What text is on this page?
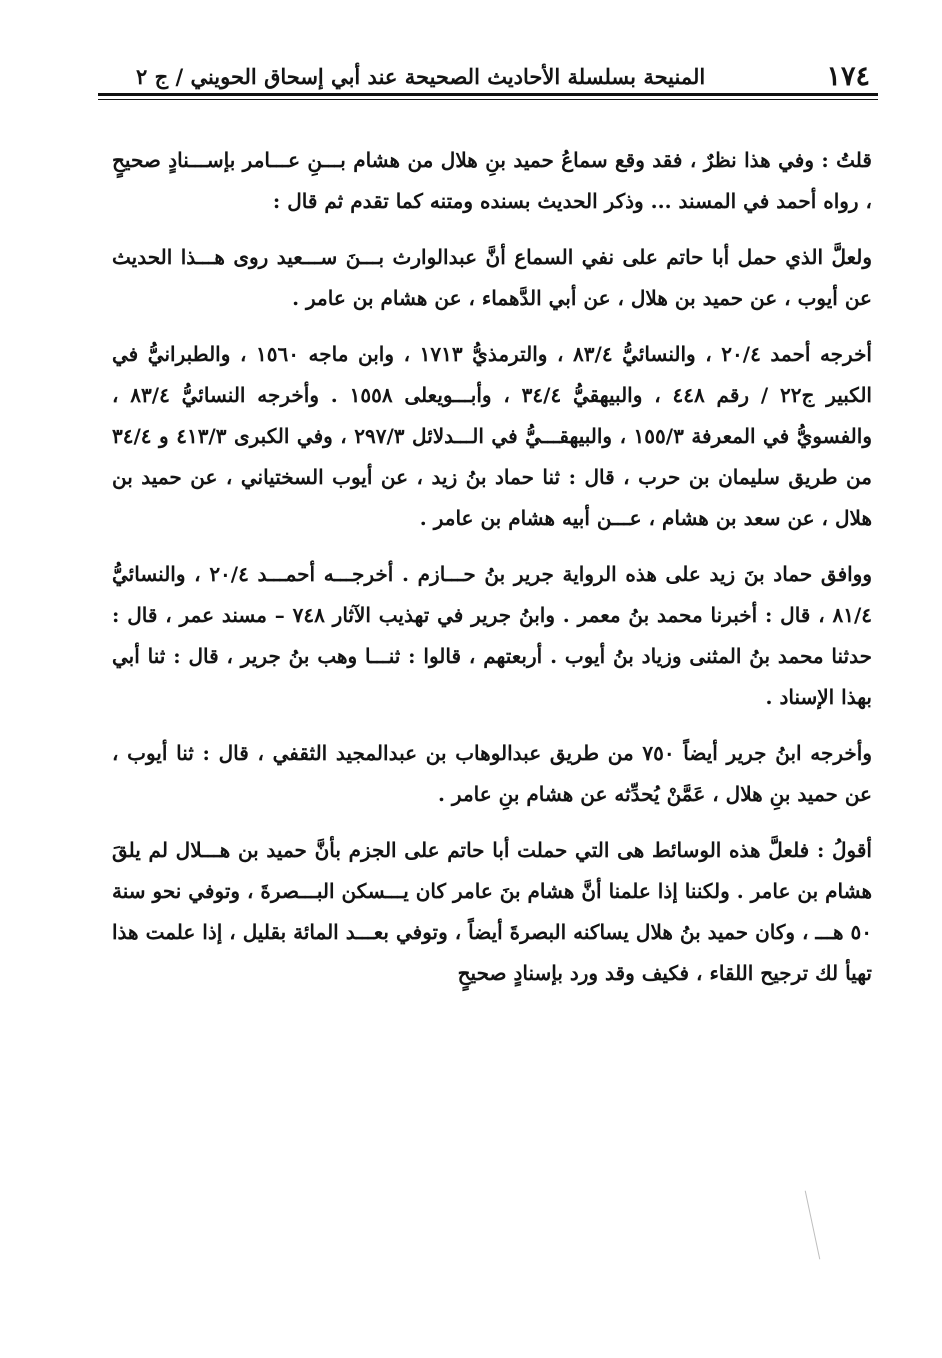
١٧٤
المنيحة بسلسلة الأحاديث الصحيحة عند أبي إسحاق الحويني / ج ٢

قلتُ : وفي هذا نظرٌ ، فقد وقع سماعُ حميد بنِ هلال من هشام بـــنِ عـــامر بإســـنادٍ صحيحٍ ، رواه أحمد في المسند ... وذكر الحديث بسنده ومتنه كما تقدم ثم قال :

ولعلَّ الذي حمل أبا حاتم على نفي السماع أنَّ عبدالوارث بـــنَ ســـعيد روى هـــذا الحديث عن أيوب ، عن حميد بن هلال ، عن أبي الدَّهماء ، عن هشام بن عامر .

أخرجه أحمد ٢٠/٤ ، والنسائيُّ ٨٣/٤ ، والترمذيُّ ١٧١٣ ، وابن ماجه ١٥٦٠ ، والطبرانيُّ في الكبير ج٢٢ / رقم ٤٤٨ ، والبيهقيُّ ٣٤/٤ ، وأبـــويعلى ١٥٥٨ . وأخرجه النسائيُّ ٨٣/٤ ، والفسويُّ في المعرفة ١٥٥/٣ ، والبيهقـــيُّ في الـــدلائل ٢٩٧/٣ ، وفي الكبرى ٤١٣/٣ و ٣٤/٤ من طريق سليمان بن حرب ، قال : ثنا حماد بنُ زيد ، عن أيوب السختياني ، عن حميد بن هلال ، عن سعد بن هشام ، عـــن أبيه هشام بن عامر .

ووافق حماد بنَ زيد على هذه الرواية جرير بنُ حـــازم . أخرجـــه أحمـــد ٢٠/٤ ، والنسائيُّ ٨١/٤ ، قال : أخبرنا محمد بنُ معمر . وابنُ جرير في تهذيب الآثار ٧٤٨ – مسند عمر ، قال : حدثنا محمد بنُ المثنى وزياد بنُ أيوب . أربعتهم ، قالوا : ثنـــا وهب بنُ جرير ، قال : ثنا أبي بهذا الإسناد .

وأخرجه ابنُ جرير أيضاً ٧٥٠ من طريق عبدالوهاب بن عبدالمجيد الثقفي ، قال : ثنا أيوب ، عن حميد بنِ هلال ، عَمَّنْ يُحدِّثه عن هشام بنِ عامر .

أقولُ : فلعلَّ هذه الوسائط هى التي حملت أبا حاتم على الجزم بأنَّ حميد بن هـــلال لم يلقَ هشام بن عامر . ولكننا إذا علمنا أنَّ هشام بنَ عامر كان يـــسكن البـــصرةَ ، وتوفي نحو سنة ٥٠ هـــ ، وكان حميد بنُ هلال يساكنه البصرةَ أيضاً ، وتوفي بعـــد المائة بقليل ، إذا علمت هذا تهيأ لك ترجيح اللقاء ، فكيف وقد ورد بإسنادٍ صحيحٍ
